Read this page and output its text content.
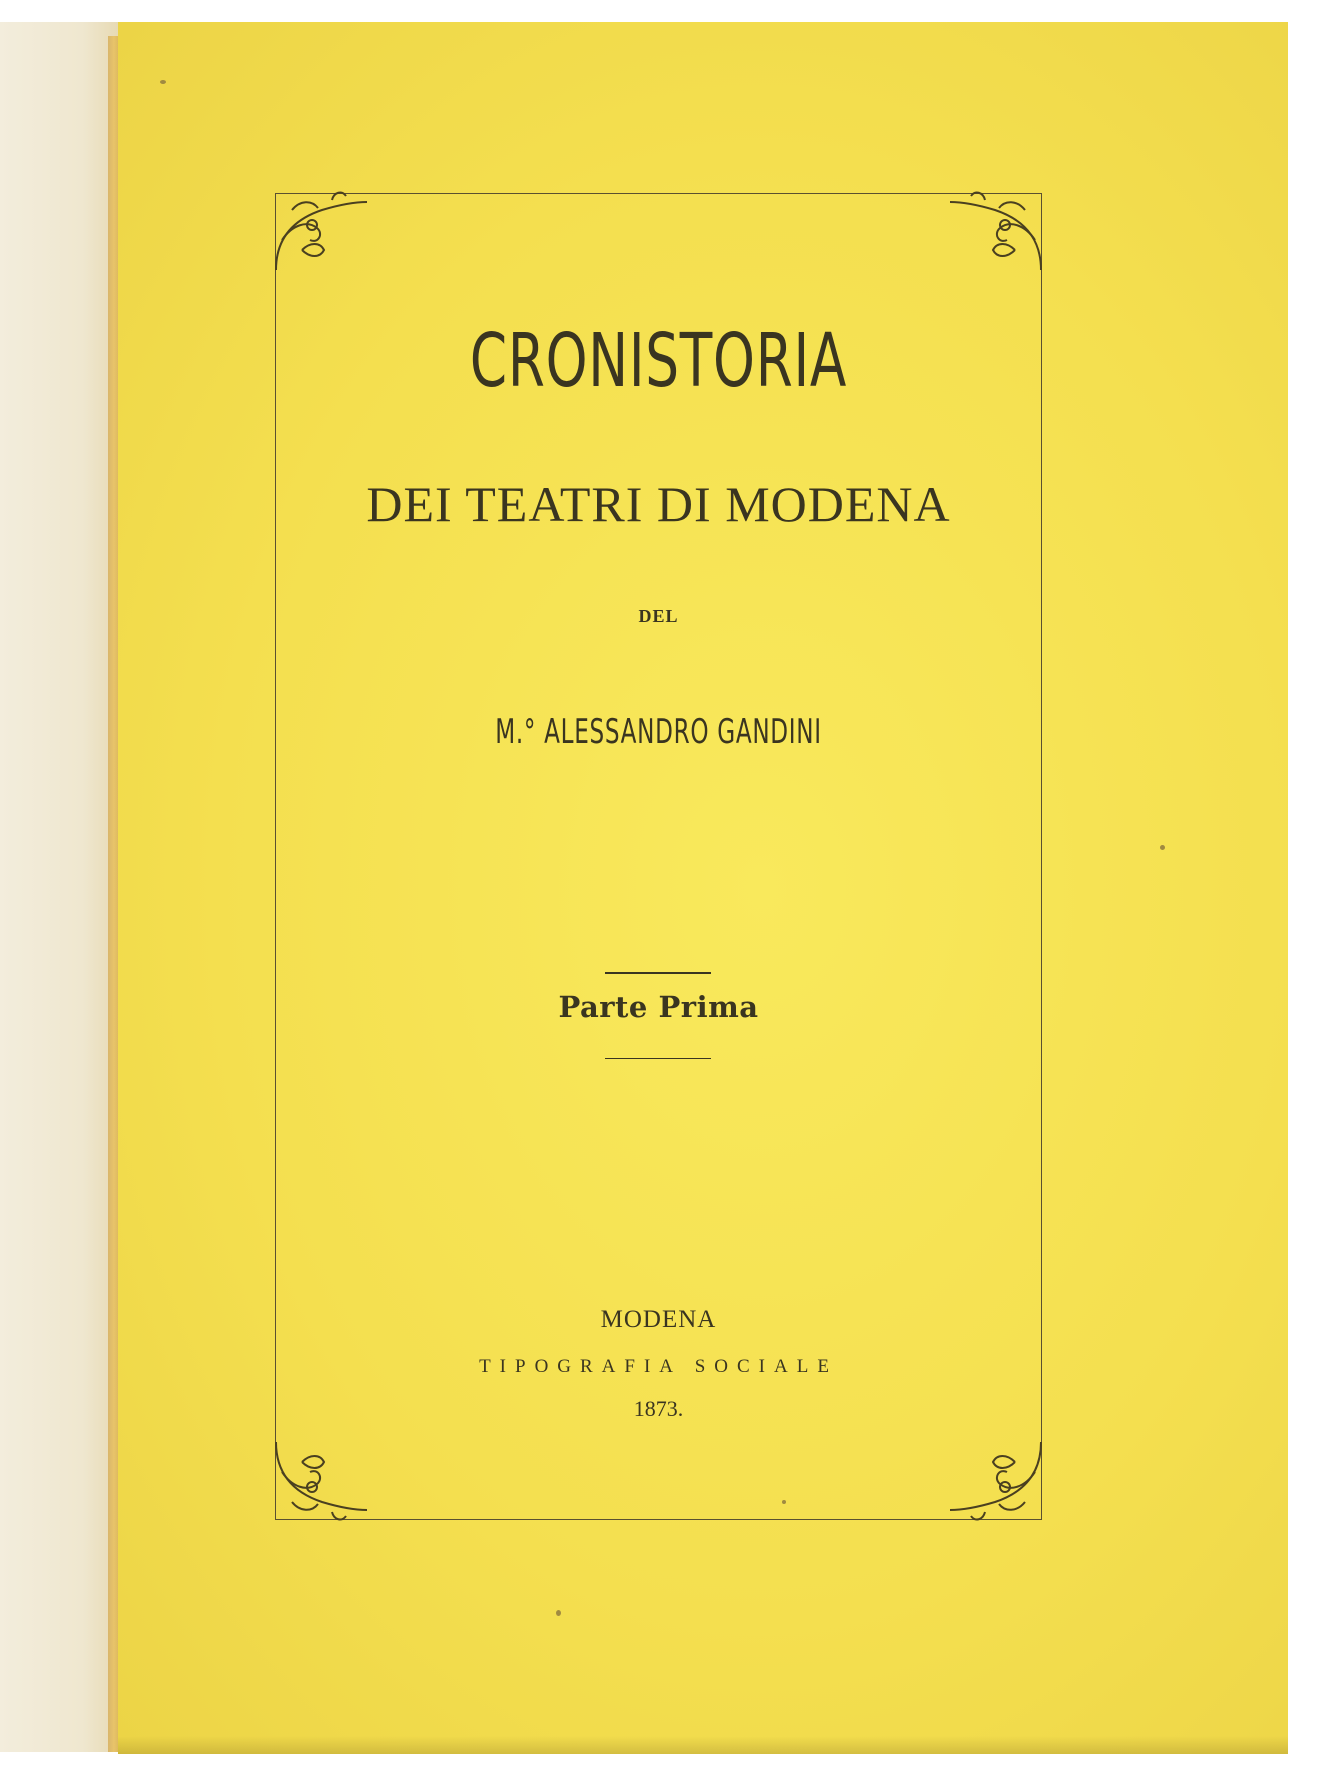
CRONISTORIA
DEI TEATRI DI MODENA
DEL
M.° ALESSANDRO GANDINI
Parte Prima
MODENA
TIPOGRAFIA SOCIALE
1873.
